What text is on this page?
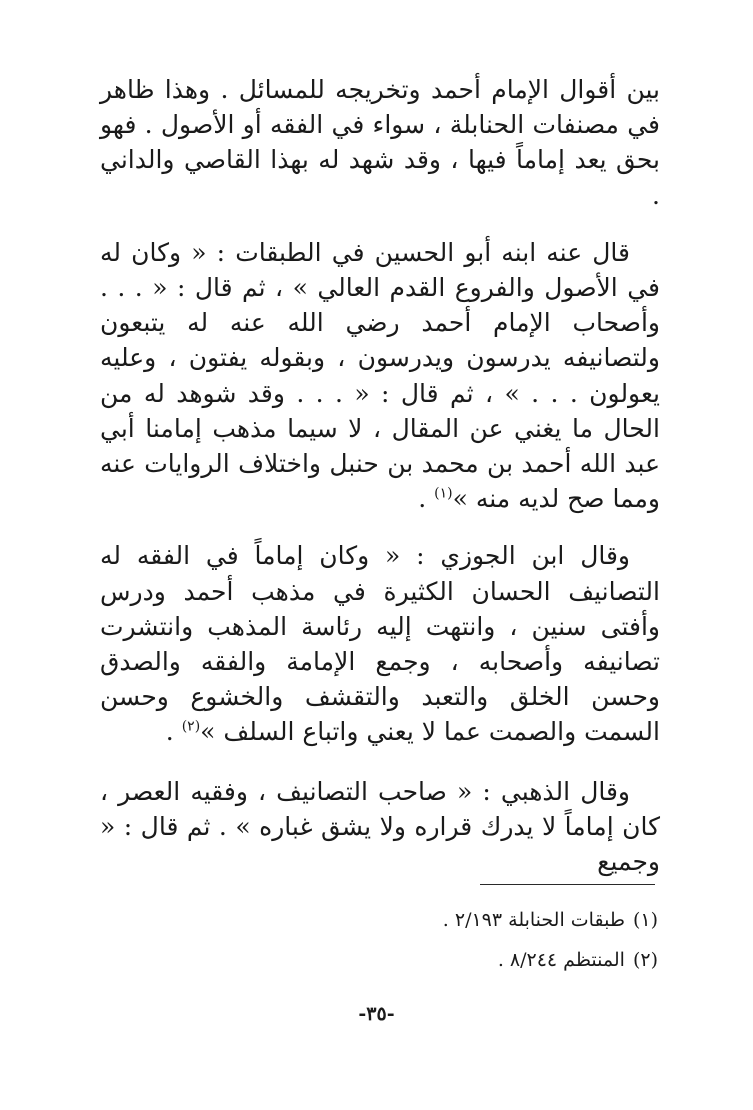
بين أقوال الإمام أحمد وتخريجه للمسائل . وهذا ظاهر في مصنفات الحنابلة ، سواء في الفقه أو الأصول . فهو بحق يعد إماماً فيها ، وقد شهد له بهذا القاصي والداني .

قال عنه ابنه أبو الحسين في الطبقات : « وكان له في الأصول والفروع القدم العالي » ، ثم قال : « . . . وأصحاب الإمام أحمد رضي الله عنه له يتبعون ولتصانيفه يدرسون ويدرسون ، وبقوله يفتون ، وعليه يعولون . . . » ، ثم قال : « . . . وقد شوهد له من الحال ما يغني عن المقال ، لا سيما مذهب إمامنا أبي عبد الله أحمد بن محمد بن حنبل واختلاف الروايات عنه ومما صح لديه منه »$^{(١)}$ .

وقال ابن الجوزي : « وكان إماماً في الفقه له التصانيف الحسان الكثيرة في مذهب أحمد ودرس وأفتى سنين ، وانتهت إليه رئاسة المذهب وانتشرت تصانيفه وأصحابه ، وجمع الإمامة والفقه والصدق وحسن الخلق والتعبد والتقشف والخشوع وحسن السمت والصمت عما لا يعني واتباع السلف »$^{(٢)}$ .

وقال الذهبي : « صاحب التصانيف ، وفقيه العصر ، كان إماماً لا يدرك قراره ولا يشق غباره » . ثم قال : « وجميع

(١)طبقات الحنابلة ٢/١٩٣ .

(٢)المنتظم ٨/٢٤٤ .

-٣٥-
